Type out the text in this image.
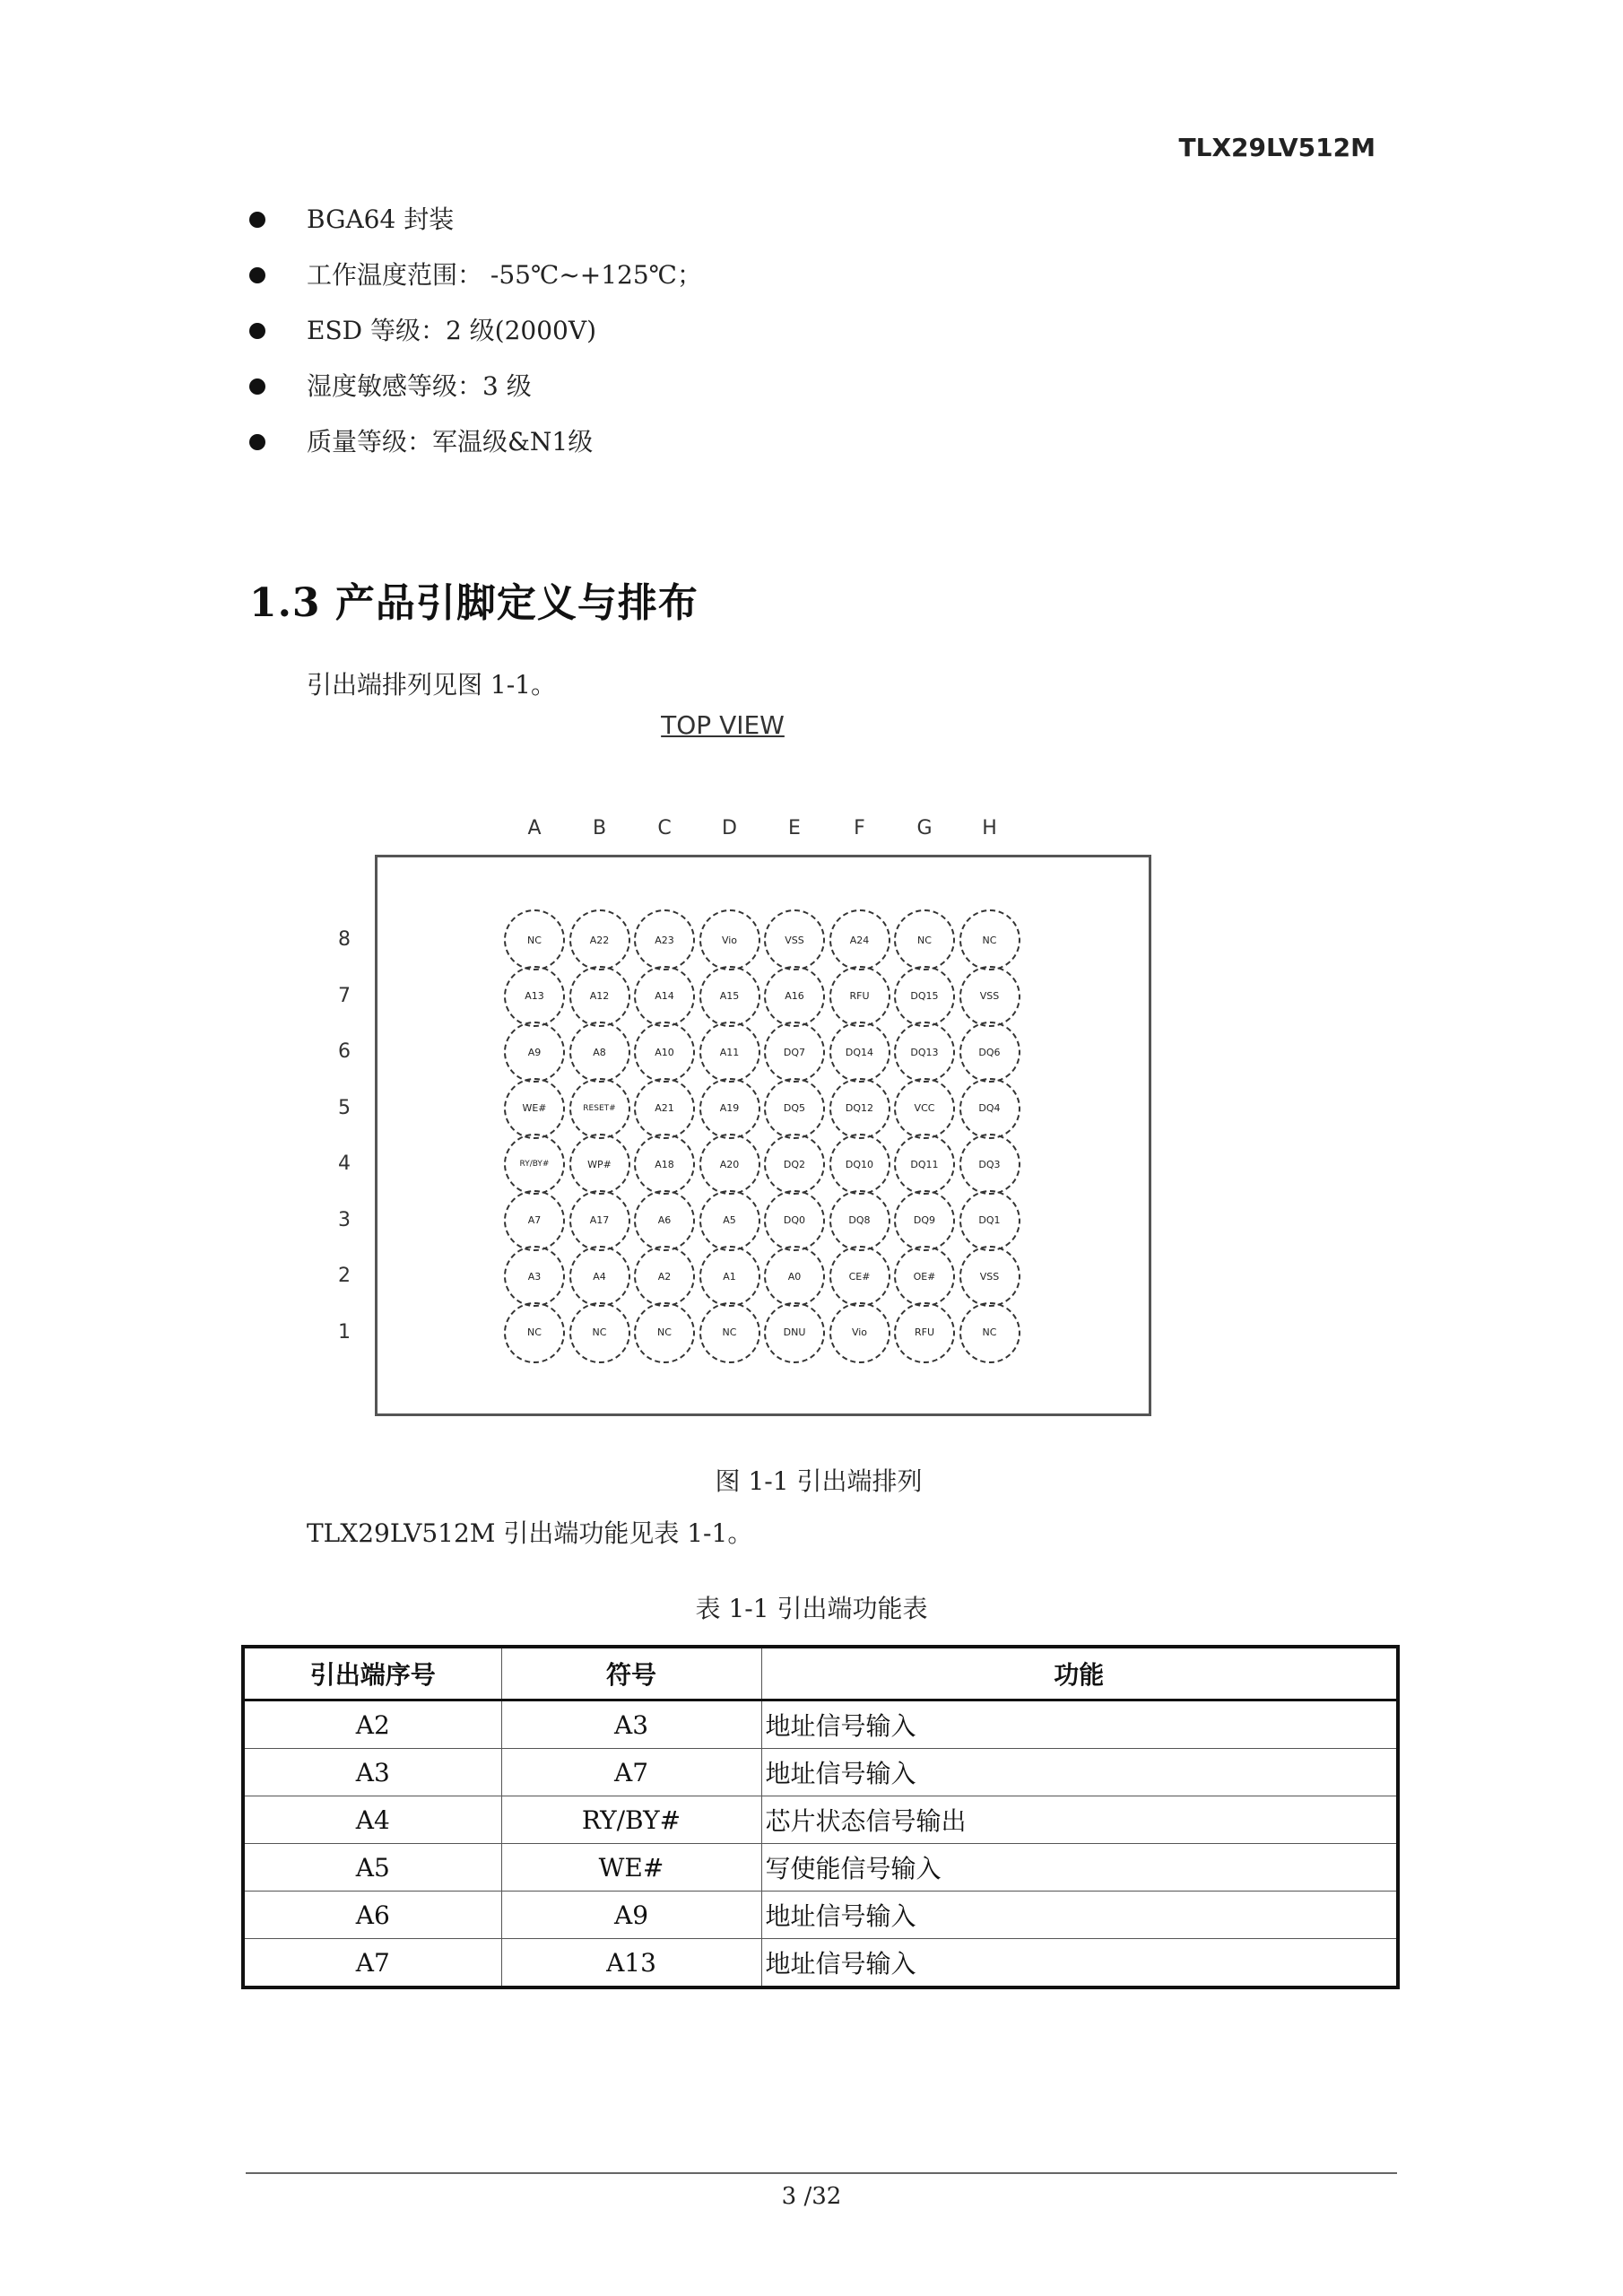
TLX29LV512M
BGA64 封装
工作温度范围： -55℃~+125℃；
ESD 等级：2 级(2000V)
湿度敏感等级：3 级
质量等级：军温级&N1级
1.3 产品引脚定义与排布

引出端排列见图 1-1。

TOP VIEW
A	B	C	D	E	F	G	H
8
7
6
5
4
3
2
1
NC	A22	A23	Vio	VSS	A24	NC	NC
A13	A12	A14	A15	A16	RFU	DQ15	VSS
A9	A8	A10	A11	DQ7	DQ14	DQ13	DQ6
WE#	RESET#	A21	A19	DQ5	DQ12	VCC	DQ4
RY/BY#	WP#	A18	A20	DQ2	DQ10	DQ11	DQ3
A7	A17	A6	A5	DQ0	DQ8	DQ9	DQ1
A3	A4	A2	A1	A0	CE#	OE#	VSS
NC	NC	NC	NC	DNU	Vio	RFU	NC

图 1-1 引出端排列

TLX29LV512M 引出端功能见表 1-1。

表 1-1 引出端功能表

引出端序号	符号	功能
A2	A3	地址信号输入
A3	A7	地址信号输入
A4	RY/BY#	芯片状态信号输出
A5	WE#	写使能信号输入
A6	A9	地址信号输入
A7	A13	地址信号输入
3 /32
